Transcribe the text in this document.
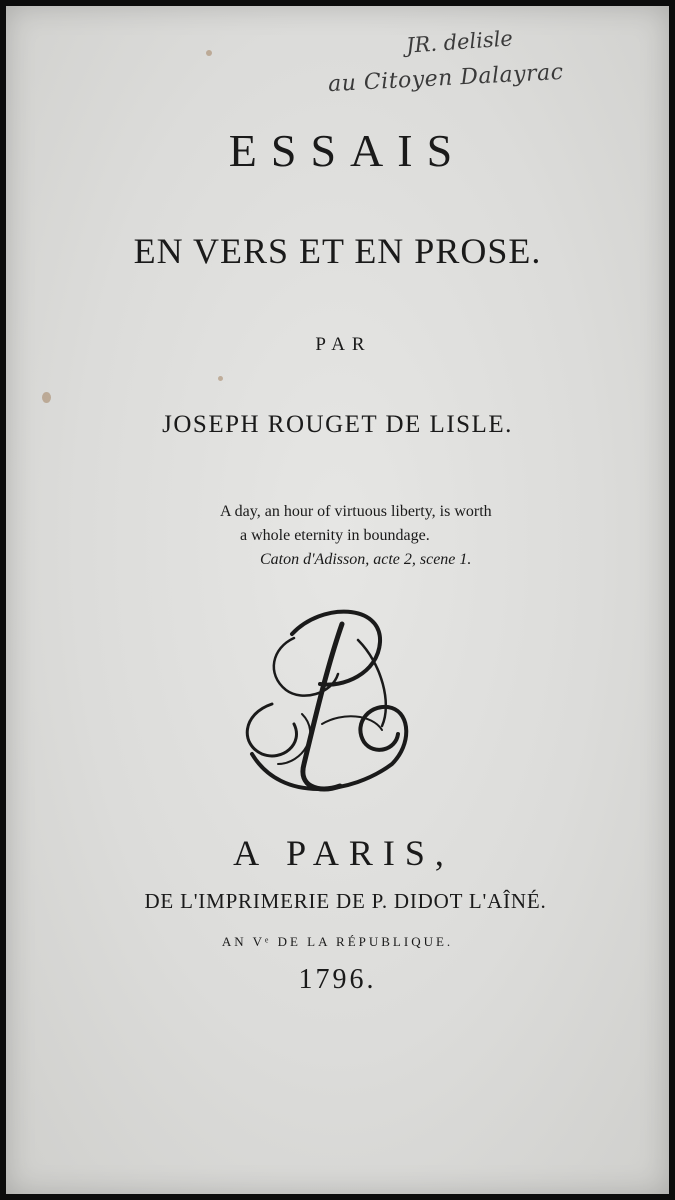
JR. delisle
au Citoyen Dalayrac
ESSAIS
EN VERS ET EN PROSE.
PAR
JOSEPH ROUGET DE LISLE.
A day, an hour of virtuous liberty, is worth
a whole eternity in boundage.
Caton d'Adisson, acte 2, scene 1.
A PARIS,
DE L'IMPRIMERIE DE P. DIDOT L'AÎNÉ.
AN Vᵉ DE LA RÉPUBLIQUE.
1796.
